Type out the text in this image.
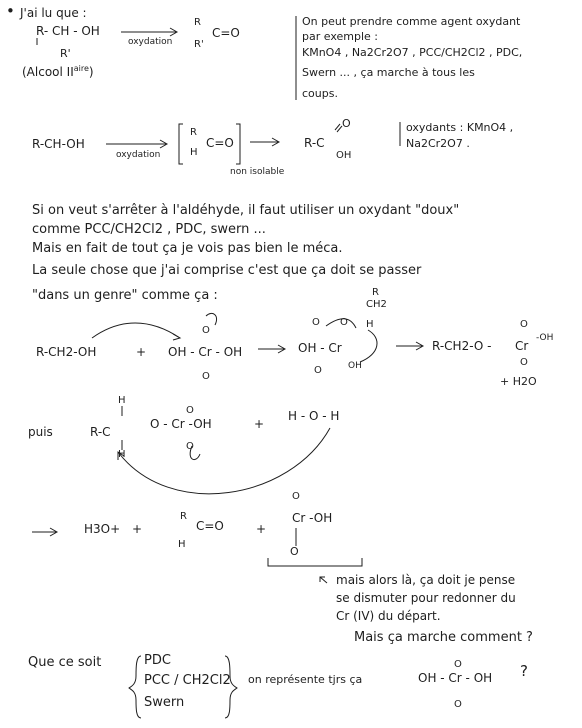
• J'ai lu que :
R- CH - OH
R'
(Alcool $II^{aire}$)
oxydation
R
R'
C=O
On peut prendre comme agent oxydant
par exemple :
KMnO4 , Na2Cr2O7 , PCC/CH2Cl2 , PDC,
Swern ... , ça marche à tous les
coups.
R-CH-OH
oxydation
R
H
C=O
non isolable
O
R-C
OH
oxydants : KMnO4 ,
Na2Cr2O7 .
Si on veut s'arrêter à l'aldéhyde, il faut utiliser un oxydant "doux"
comme PCC/CH2Cl2 , PDC, swern ...
Mais en fait de tout ça je vois pas bien le méca.
La seule chose que j'ai comprise c'est que ça doit se passer
"dans un genre" comme ça :
R-CH2-OH	+
O
OH - Cr - OH
O
O
R
CH2
O H
OH - Cr
OH
O
R-CH2-O -
O
Cr
-OH
O
+ H2O
puis
H
R-C
H
O
O - Cr -OH
O
+
H - O - H
H3O+ +
R
H
C=O	+
O
Cr -OH
O
mais alors là, ça doit je pense
se dismuter pour redonner du
Cr (IV) du départ.
Mais ça marche comment ?
Que ce soit	PDC
PCC / CH2Cl2
Swern
on représente tjrs ça
O
OH - Cr - OH
O
?
